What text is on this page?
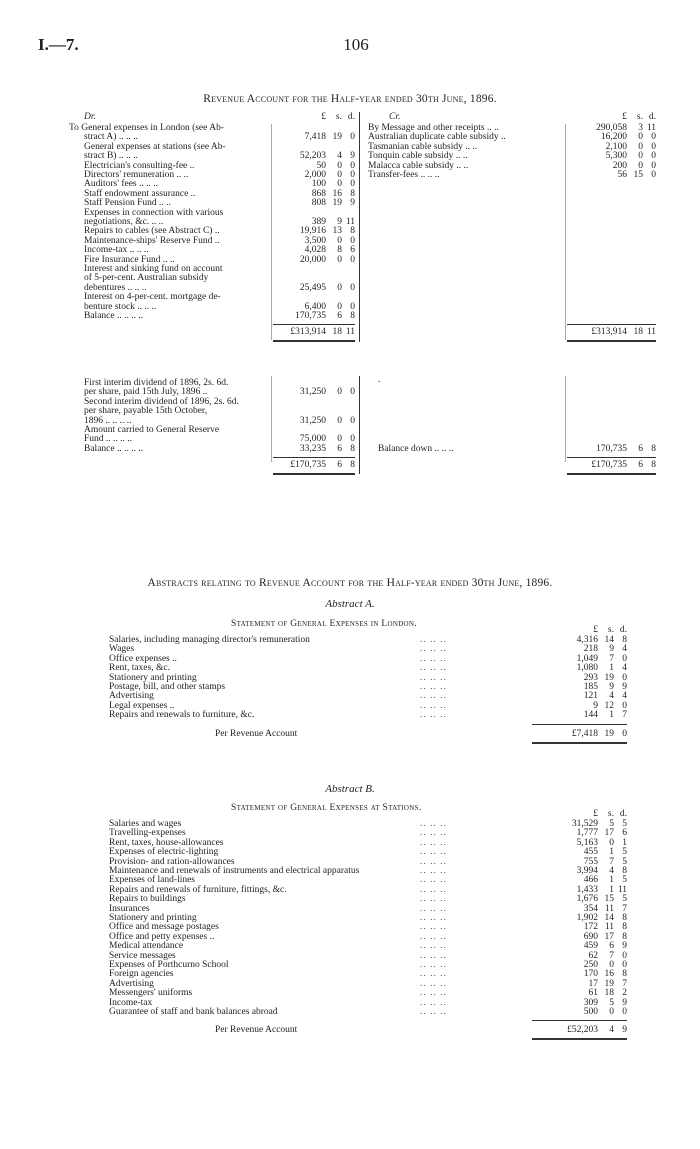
I.—7.	106
Revenue Account for the Half-year ended 30th June, 1896.
Abstracts relating to Revenue Account for the Half-year ended 30th June, 1896.
Abstract A.
Statement of General Expenses in London.
Abstract B.
Statement of General Expenses at Stations.
Dr.	Cr.
£ s. d.	£ s. d.
To General expenses in London (see Ab-
stract A) .. .. ..	7,418 19 0
General expenses at stations (see Ab-
stract B) .. .. ..	52,203 4 9
Electrician's consulting-fee ..	50 0 0
Directors' remuneration .. ..	2,000 0 0
Auditors' fees .. .. ..	100 0 0
Staff endowment assurance ..	868 16 8
Staff Pension Fund .. ..	808 19 9
Expenses in connection with various
negotiations, &c. .. ..	389 9 11
Repairs to cables (see Abstract C) ..	19,916 13 8
Maintenance-ships' Reserve Fund ..	3,500 0 0
Income-tax .. .. ..	4,028 8 6
Fire Insurance Fund .. ..	20,000 0 0
Interest and sinking fund on account
of 5-per-cent. Australian subsidy
debentures .. .. ..	25,495 0 0
Interest on 4-per-cent. mortgage de-
benture stock .. .. ..	6,400 0 0
Balance .. .. .. ..	170,735 6 8
£313,914 18 11
By Message and other receipts .. ..	290,058 3 11
Australian duplicate cable subsidy ..	16,200 0 0
Tasmanian cable subsidy .. ..	2,100 0 0
Tonquin cable subsidy .. ..	5,300 0 0
Malacca cable subsidy .. ..	200 0 0
Transfer-fees .. .. ..	56 15 0
£313,914 18 11
First interim dividend of 1896, 2s. 6d.
per share, paid 15th July, 1896 ..	31,250 0 0
Second interim dividend of 1896, 2s. 6d.
per share, payable 15th October,
1896 .. .. .. ..	31,250 0 0
Amount carried to General Reserve
Fund .. .. .. ..	75,000 0 0
Balance .. .. .. ..	33,235 6 8
£170,735 6 8
Balance down .. .. ..	170,735 6 8
£170,735 6 8
.
£ s. d.
Salaries, including managing director's remuneration	.. .. ..	4,316 14 8
Wages	.. .. ..	218 9 4
Office expenses ..	.. .. ..	1,049 7 0
Rent, taxes, &c.	.. .. ..	1,080 1 4
Stationery and printing	.. .. ..	293 19 0
Postage, bill, and other stamps	.. .. ..	185 9 9
Advertising	.. .. ..	121 4 4
Legal expenses ..	.. .. ..	9 12 0
Repairs and renewals to furniture, &c.	.. .. ..	144 1 7
Per Revenue Account	£7,418 19 0
£ s. d.
Salaries and wages	.. .. ..	31,529 5 5
Travelling-expenses	.. .. ..	1,777 17 6
Rent, taxes, house-allowances	.. .. ..	5,163 0 1
Expenses of electric-lighting	.. .. ..	455 1 5
Provision- and ration-allowances	.. .. ..	755 7 5
Maintenance and renewals of instruments and electrical apparatus	.. .. ..	3,994 4 8
Expenses of land-lines	.. .. ..	466 1 5
Repairs and renewals of furniture, fittings, &c.	.. .. ..	1,433 1 11
Repairs to buildings	.. .. ..	1,676 15 5
Insurances	.. .. ..	354 11 7
Stationery and printing	.. .. ..	1,902 14 8
Office and message postages	.. .. ..	172 11 8
Office and petty expenses ..	.. .. ..	690 17 8
Medical attendance	.. .. ..	459 6 9
Service messages	.. .. ..	62 7 0
Expenses of Porthcurno School	.. .. ..	250 0 0
Foreign agencies	.. .. ..	170 16 8
Advertising	.. .. ..	17 19 7
Messengers' uniforms	.. .. ..	61 18 2
Income-tax	.. .. ..	309 5 9
Guarantee of staff and bank balances abroad	.. .. ..	500 0 0
Per Revenue Account	£52,203 4 9
